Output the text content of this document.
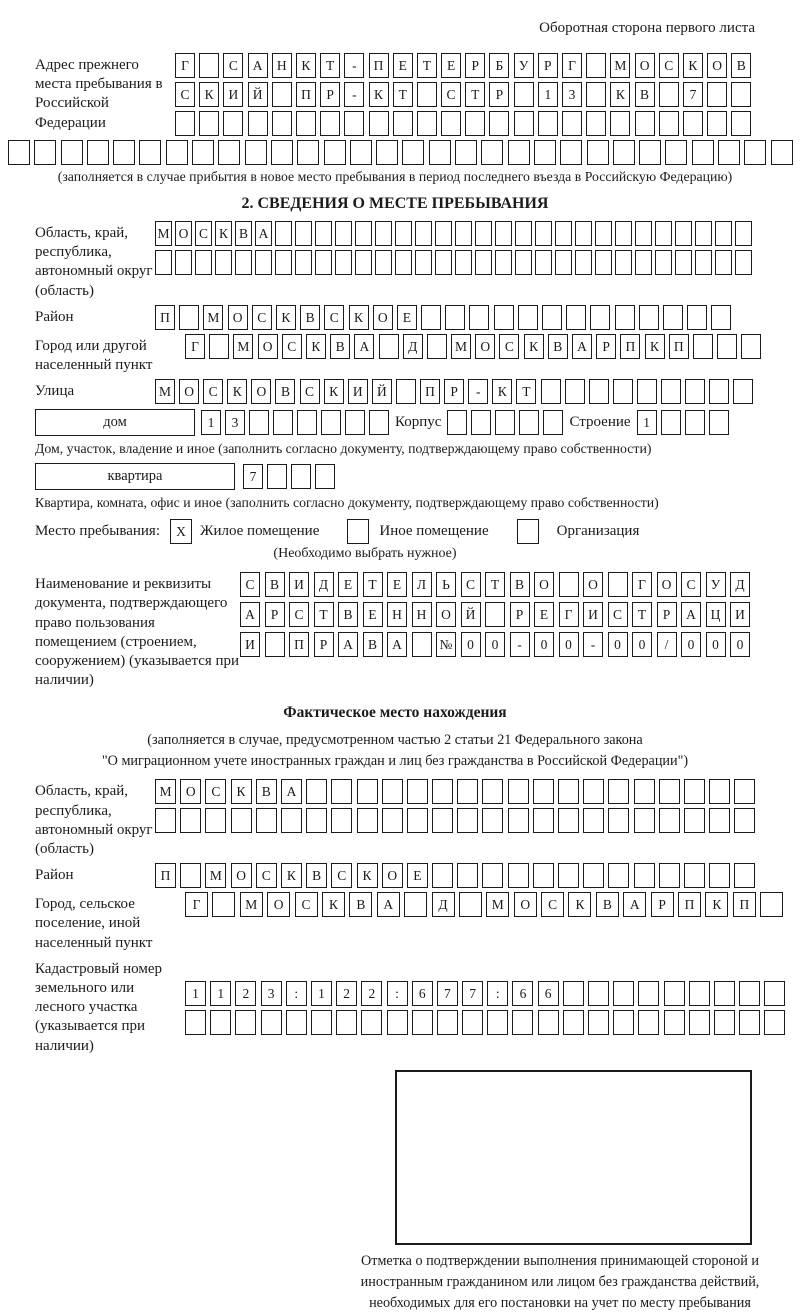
Оборотная сторона первого листа
Адрес прежнего места пребывания в Российской Федерации
Г	С	А	Н	К	Т	-	П	Е	Т	Е	Р	Б	У	Р	Г	М О	С	К	О	В
С	К	И	Й	П	Р	-	К	Т	С	Т	Р	1	3	К	В	7
(заполняется в случае прибытия в новое место пребывания в период последнего въезда в Российскую Федерацию)
2. СВЕДЕНИЯ О МЕСТЕ ПРЕБЫВАНИЯ
Область, край, республика, автономный округ (область)
М О С К В А
Район	П	М О	С	К	В	С	К	О	Е
Город или другой населенный пункт
Г	М О	С	К	В	А	Д	М О	С	К	В	А	Р	П	К	П
Улица	М О	С	К	О	В	С	К	И	Й	П	Р	-	К	Т
дом	1	3	Корпус	Строение 1
Дом, участок, владение и иное (заполнить согласно документу, подтверждающему право собственности)
квартира	7
Квартира, комната, офис и иное (заполнить согласно документу, подтверждающему право собственности)
Место пребывания:	X Жилое помещение	Иное помещение	Организация
(Необходимо выбрать нужное)
Наименование и реквизиты документа, подтверждающего право пользования помещением (строением, сооружением) (указывается при наличии)
С	В	И	Д	Е	Т	Е	Л	Ь	С	Т	В	О	О	Г	О	С	У	Д
А	Р	С	Т	В	Е	Н	Н	О	Й	Р	Е	Г	И	С	Т	Р	А	Ц	И
И	П	Р	А	В	А	№	0	0	-	0	0	-	0	0	/	0	0	0
Фактическое место нахождения
(заполняется в случае, предусмотренном частью 2 статьи 21 Федерального закона
"О миграционном учете иностранных граждан и лиц без гражданства в Российской Федерации")
Область, край, республика, автономный округ (область)
М	О	С	К	В	А
Район	П	М	О	С	К	В	С	К	О	Е
Город, сельское поселение, иной населенный пункт
Г	М	О	С	К	В	А	Д	М	О	С	К	В	А	Р	П	К	П
Кадастровый номер земельного или лесного участка (указывается при наличии)
1	1	2	3	:	1	2	2	:	6	7	7	:	6	6
Отметка о подтверждении выполнения принимающей стороной и иностранным гражданином или лицом без гражданства действий, необходимых для его постановки на учет по месту пребывания
